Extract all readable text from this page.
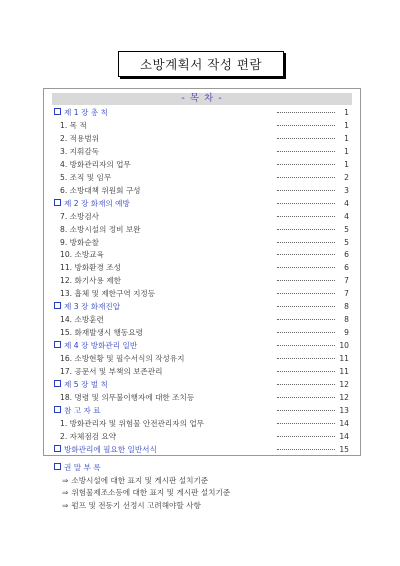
소방계획서 작성 편람
- 목 차 -
제 1 장 총 칙	1
1. 목 적	1
2. 적용범위	1
3. 지휘감독	1
4. 방화관리자의 업무	1
5. 조직 및 임무	2
6. 소방대책 위원회 구성	3
제 2 장 화재의 예방	4
7. 소방검사	4
8. 소방시설의 정비 보완	5
9. 방화순찰	5
10. 소방교육	6
11. 방화환경 조성	6
12. 화기사용 제한	7
13. 흡체 및 제한구역 지정등	7
제 3 장 화재진압	8
14. 소방훈련	8
15. 화재발생시 행동요령	9
제 4 장 방화관리 일반	10
16. 소방현황 및 필수서식의 작성유지	11
17. 공문서 및 부책의 보존관리	11
제 5 장 벌 칙	12
18. 명령 및 의무불이행자에 대한 조치등	12
참 고 자 료	13
1. 방화관리자 및 위험물 안전관리자의 업무	14
2. 자체점검 요약	14
방화관리에 필요한 일반서식	15
권 말 부 록
⇒ 소방시설에 대한 표지 및 게시판 설치기준
⇒ 위험물제조소등에 대한 표지 및 게시판 설치기준
⇒ 펌프 및 전동기 선정시 고려해야할 사항
